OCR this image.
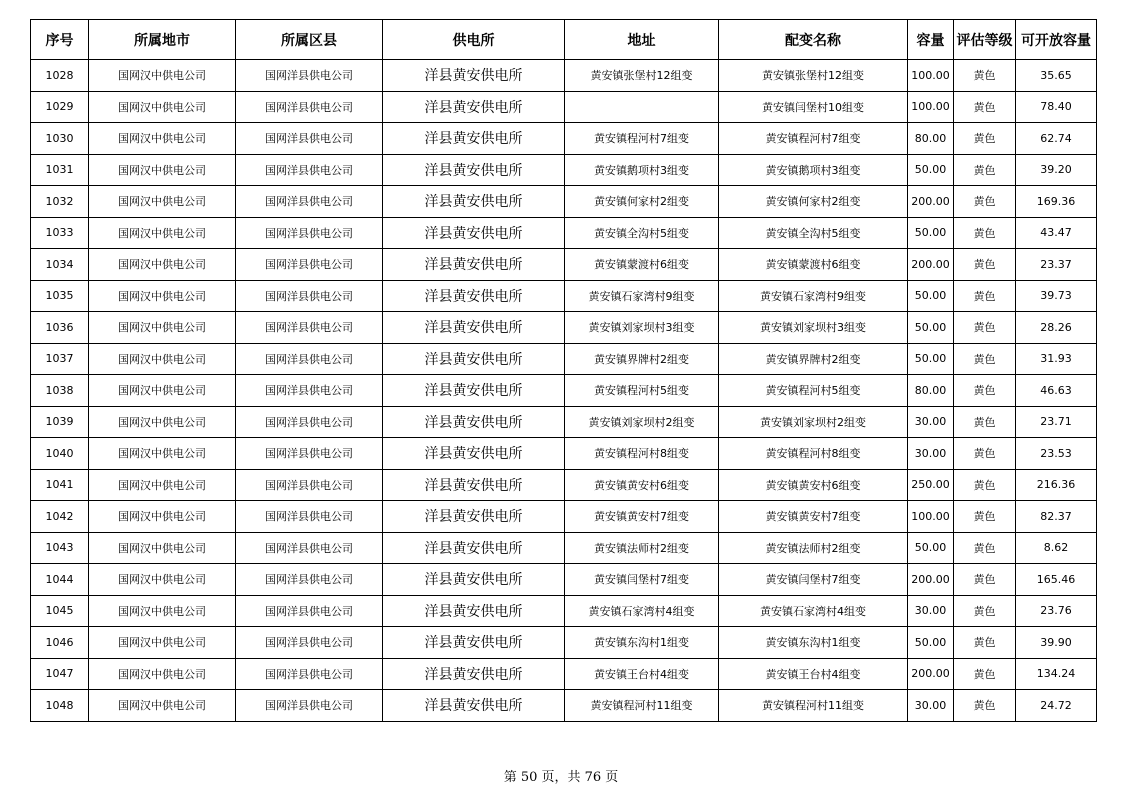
序号	所属地市	所属区县	供电所	地址	配变名称	容量	评估等级	可开放容量
1028	国网汉中供电公司	国网洋县供电公司	洋县黄安供电所	黄安镇张堡村12组变	黄安镇张堡村12组变	100.00	黄色	35.65
1029	国网汉中供电公司	国网洋县供电公司	洋县黄安供电所		黄安镇闫堡村10组变	100.00	黄色	78.40
1030	国网汉中供电公司	国网洋县供电公司	洋县黄安供电所	黄安镇程河村7组变	黄安镇程河村7组变	80.00	黄色	62.74
1031	国网汉中供电公司	国网洋县供电公司	洋县黄安供电所	黄安镇鹅项村3组变	黄安镇鹅项村3组变	50.00	黄色	39.20
1032	国网汉中供电公司	国网洋县供电公司	洋县黄安供电所	黄安镇何家村2组变	黄安镇何家村2组变	200.00	黄色	169.36
1033	国网汉中供电公司	国网洋县供电公司	洋县黄安供电所	黄安镇全沟村5组变	黄安镇全沟村5组变	50.00	黄色	43.47
1034	国网汉中供电公司	国网洋县供电公司	洋县黄安供电所	黄安镇蒙渡村6组变	黄安镇蒙渡村6组变	200.00	黄色	23.37
1035	国网汉中供电公司	国网洋县供电公司	洋县黄安供电所	黄安镇石家湾村9组变	黄安镇石家湾村9组变	50.00	黄色	39.73
1036	国网汉中供电公司	国网洋县供电公司	洋县黄安供电所	黄安镇刘家坝村3组变	黄安镇刘家坝村3组变	50.00	黄色	28.26
1037	国网汉中供电公司	国网洋县供电公司	洋县黄安供电所	黄安镇界牌村2组变	黄安镇界牌村2组变	50.00	黄色	31.93
1038	国网汉中供电公司	国网洋县供电公司	洋县黄安供电所	黄安镇程河村5组变	黄安镇程河村5组变	80.00	黄色	46.63
1039	国网汉中供电公司	国网洋县供电公司	洋县黄安供电所	黄安镇刘家坝村2组变	黄安镇刘家坝村2组变	30.00	黄色	23.71
1040	国网汉中供电公司	国网洋县供电公司	洋县黄安供电所	黄安镇程河村8组变	黄安镇程河村8组变	30.00	黄色	23.53
1041	国网汉中供电公司	国网洋县供电公司	洋县黄安供电所	黄安镇黄安村6组变	黄安镇黄安村6组变	250.00	黄色	216.36
1042	国网汉中供电公司	国网洋县供电公司	洋县黄安供电所	黄安镇黄安村7组变	黄安镇黄安村7组变	100.00	黄色	82.37
1043	国网汉中供电公司	国网洋县供电公司	洋县黄安供电所	黄安镇法师村2组变	黄安镇法师村2组变	50.00	黄色	8.62
1044	国网汉中供电公司	国网洋县供电公司	洋县黄安供电所	黄安镇闫堡村7组变	黄安镇闫堡村7组变	200.00	黄色	165.46
1045	国网汉中供电公司	国网洋县供电公司	洋县黄安供电所	黄安镇石家湾村4组变	黄安镇石家湾村4组变	30.00	黄色	23.76
1046	国网汉中供电公司	国网洋县供电公司	洋县黄安供电所	黄安镇东沟村1组变	黄安镇东沟村1组变	50.00	黄色	39.90
1047	国网汉中供电公司	国网洋县供电公司	洋县黄安供电所	黄安镇王台村4组变	黄安镇王台村4组变	200.00	黄色	134.24
1048	国网汉中供电公司	国网洋县供电公司	洋县黄安供电所	黄安镇程河村11组变	黄安镇程河村11组变	30.00	黄色	24.72
第 50 页，共 76 页
